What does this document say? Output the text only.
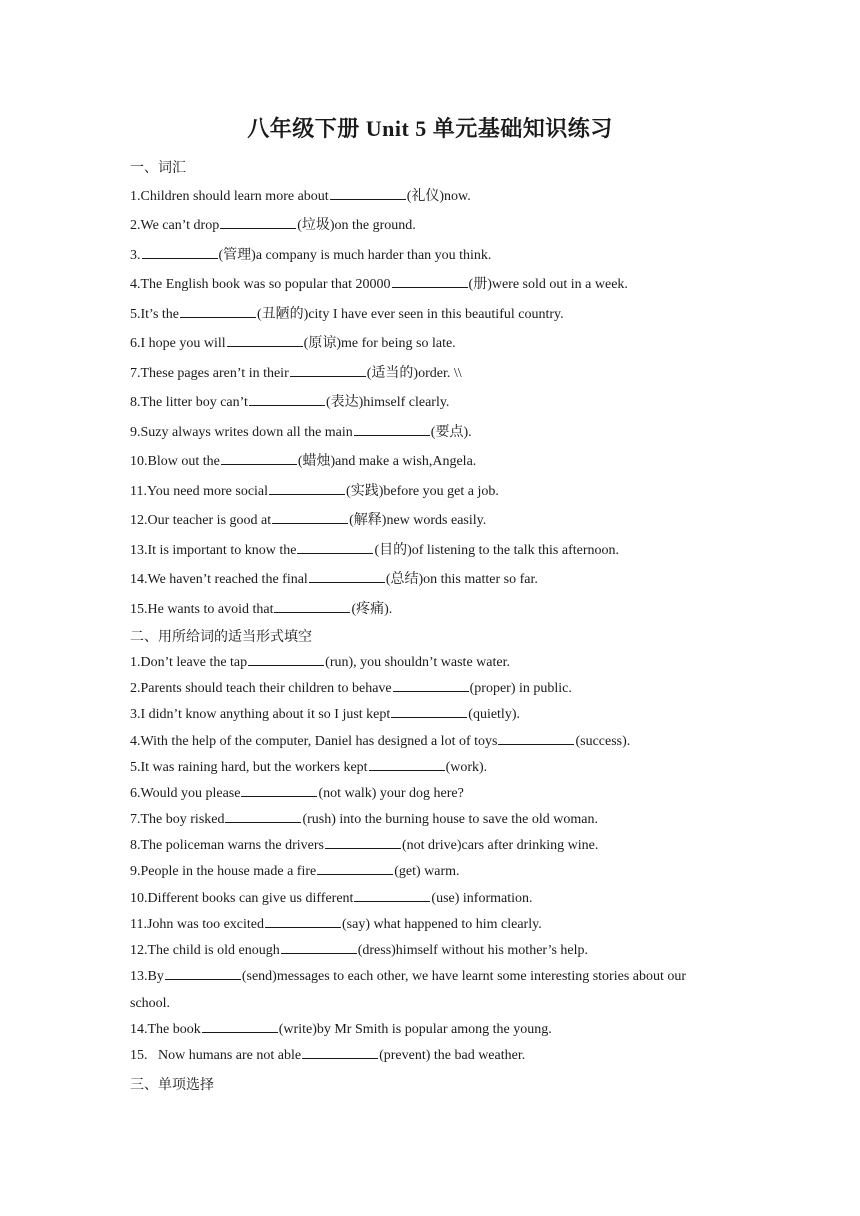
八年级下册 Unit 5 单元基础知识练习
一、词汇
1.Children should learn more about	(礼仪)now.
2.We can’t drop	(垃圾)on the ground.
3.	(管理)a company is much harder than you think.
4.The English book was so popular that 20000	(册)were sold out in a week.
5.It’s the	(丑陋的)city I have ever seen in this beautiful country.
6.I hope you will	(原谅)me for being so late.
7.These pages aren’t in their	(适当的)order. \\
8.The litter boy can’t	(表达)himself clearly.
9.Suzy always writes down all the main	(要点).
10.Blow out the	(蜡烛)and make a wish,Angela.
11.You need more social	(实践)before you get a job.
12.Our teacher is good at	(解释)new words easily.
13.It is important to know the	(目的)of listening to the talk this afternoon.
14.We haven’t reached the final	(总结)on this matter so far.
15.He wants to avoid that	(疼痛).
二、用所给词的适当形式填空
1.Don’t leave the tap	(run), you shouldn’t waste water.
2.Parents should teach their children to behave	(proper) in public.
3.I didn’t know anything about it so I just kept	(quietly).
4.With the help of the computer, Daniel has designed a lot of toys	(success).
5.It was raining hard, but the workers kept	(work).
6.Would you please	(not walk) your dog here?
7.The boy risked	(rush) into the burning house to save the old woman.
8.The policeman warns the drivers	(not drive)cars after drinking wine.
9.People in the house made a fire	(get) warm.
10.Different books can give us different	(use) information.
11.John was too excited	(say) what happened to him clearly.
12.The child is old enough	(dress)himself without his mother’s help.
13.By	(send)messages to each other, we have learnt some interesting stories about our
school.
14.The book	(write)by Mr Smith is popular among the young.
15.   Now humans are not able	(prevent) the bad weather.
三、单项选择
